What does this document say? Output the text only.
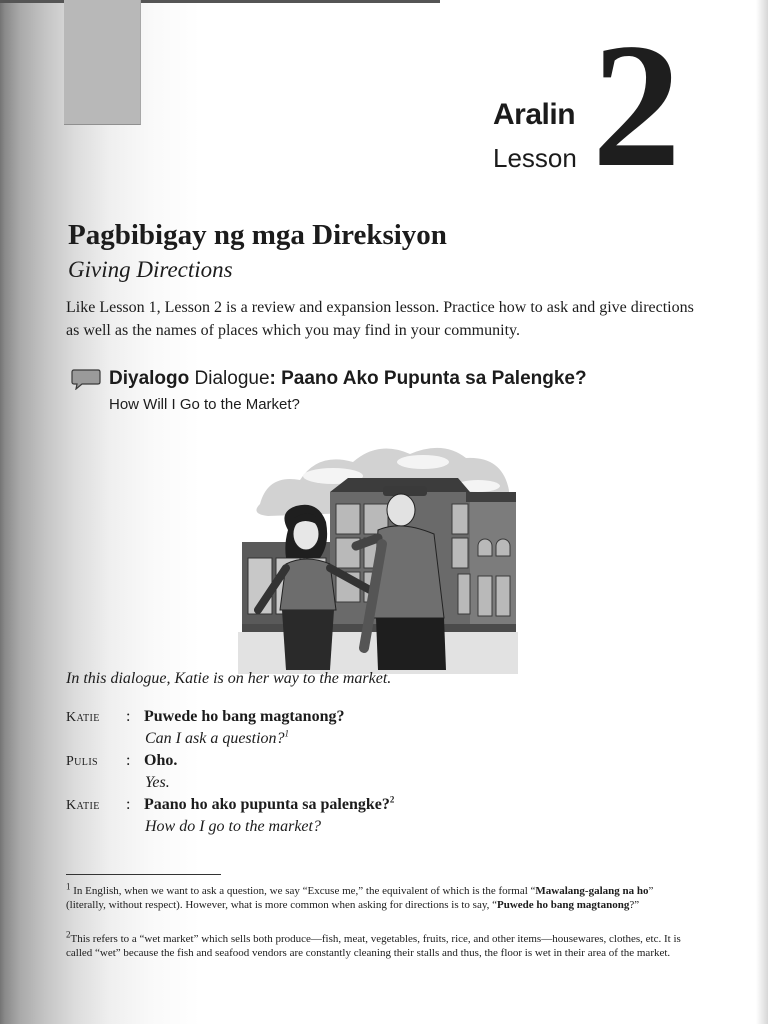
Aralin
Lesson 2
Pagbibigay ng mga Direksiyon
Giving Directions
Like Lesson 1, Lesson 2 is a review and expansion lesson. Practice how to ask and give directions as well as the names of places which you may find in your community.
Diyalogo Dialogue: Paano Ako Pupunta sa Palengke?
How Will I Go to the Market?
In this dialogue, Katie is on her way to the market.
Katie : Puwede ho bang magtanong?
Can I ask a question?$^1$
Pulis : Oho.
Yes.
Katie : Paano ho ako pupunta sa palengke?$^2$
How do I go to the market?
$^1$ In English, when we want to ask a question, we say “Excuse me,” the equivalent of which is the formal “Mawalang-galang na ho” (literally, without respect). However, what is more common when asking for directions is to say, “Puwede ho bang magtanong?”
$^2$This refers to a “wet market” which sells both produce—fish, meat, vegetables, fruits, rice, and other items—housewares, clothes, etc. It is called “wet” because the fish and seafood vendors are constantly cleaning their stalls and thus, the floor is wet in their area of the market.
